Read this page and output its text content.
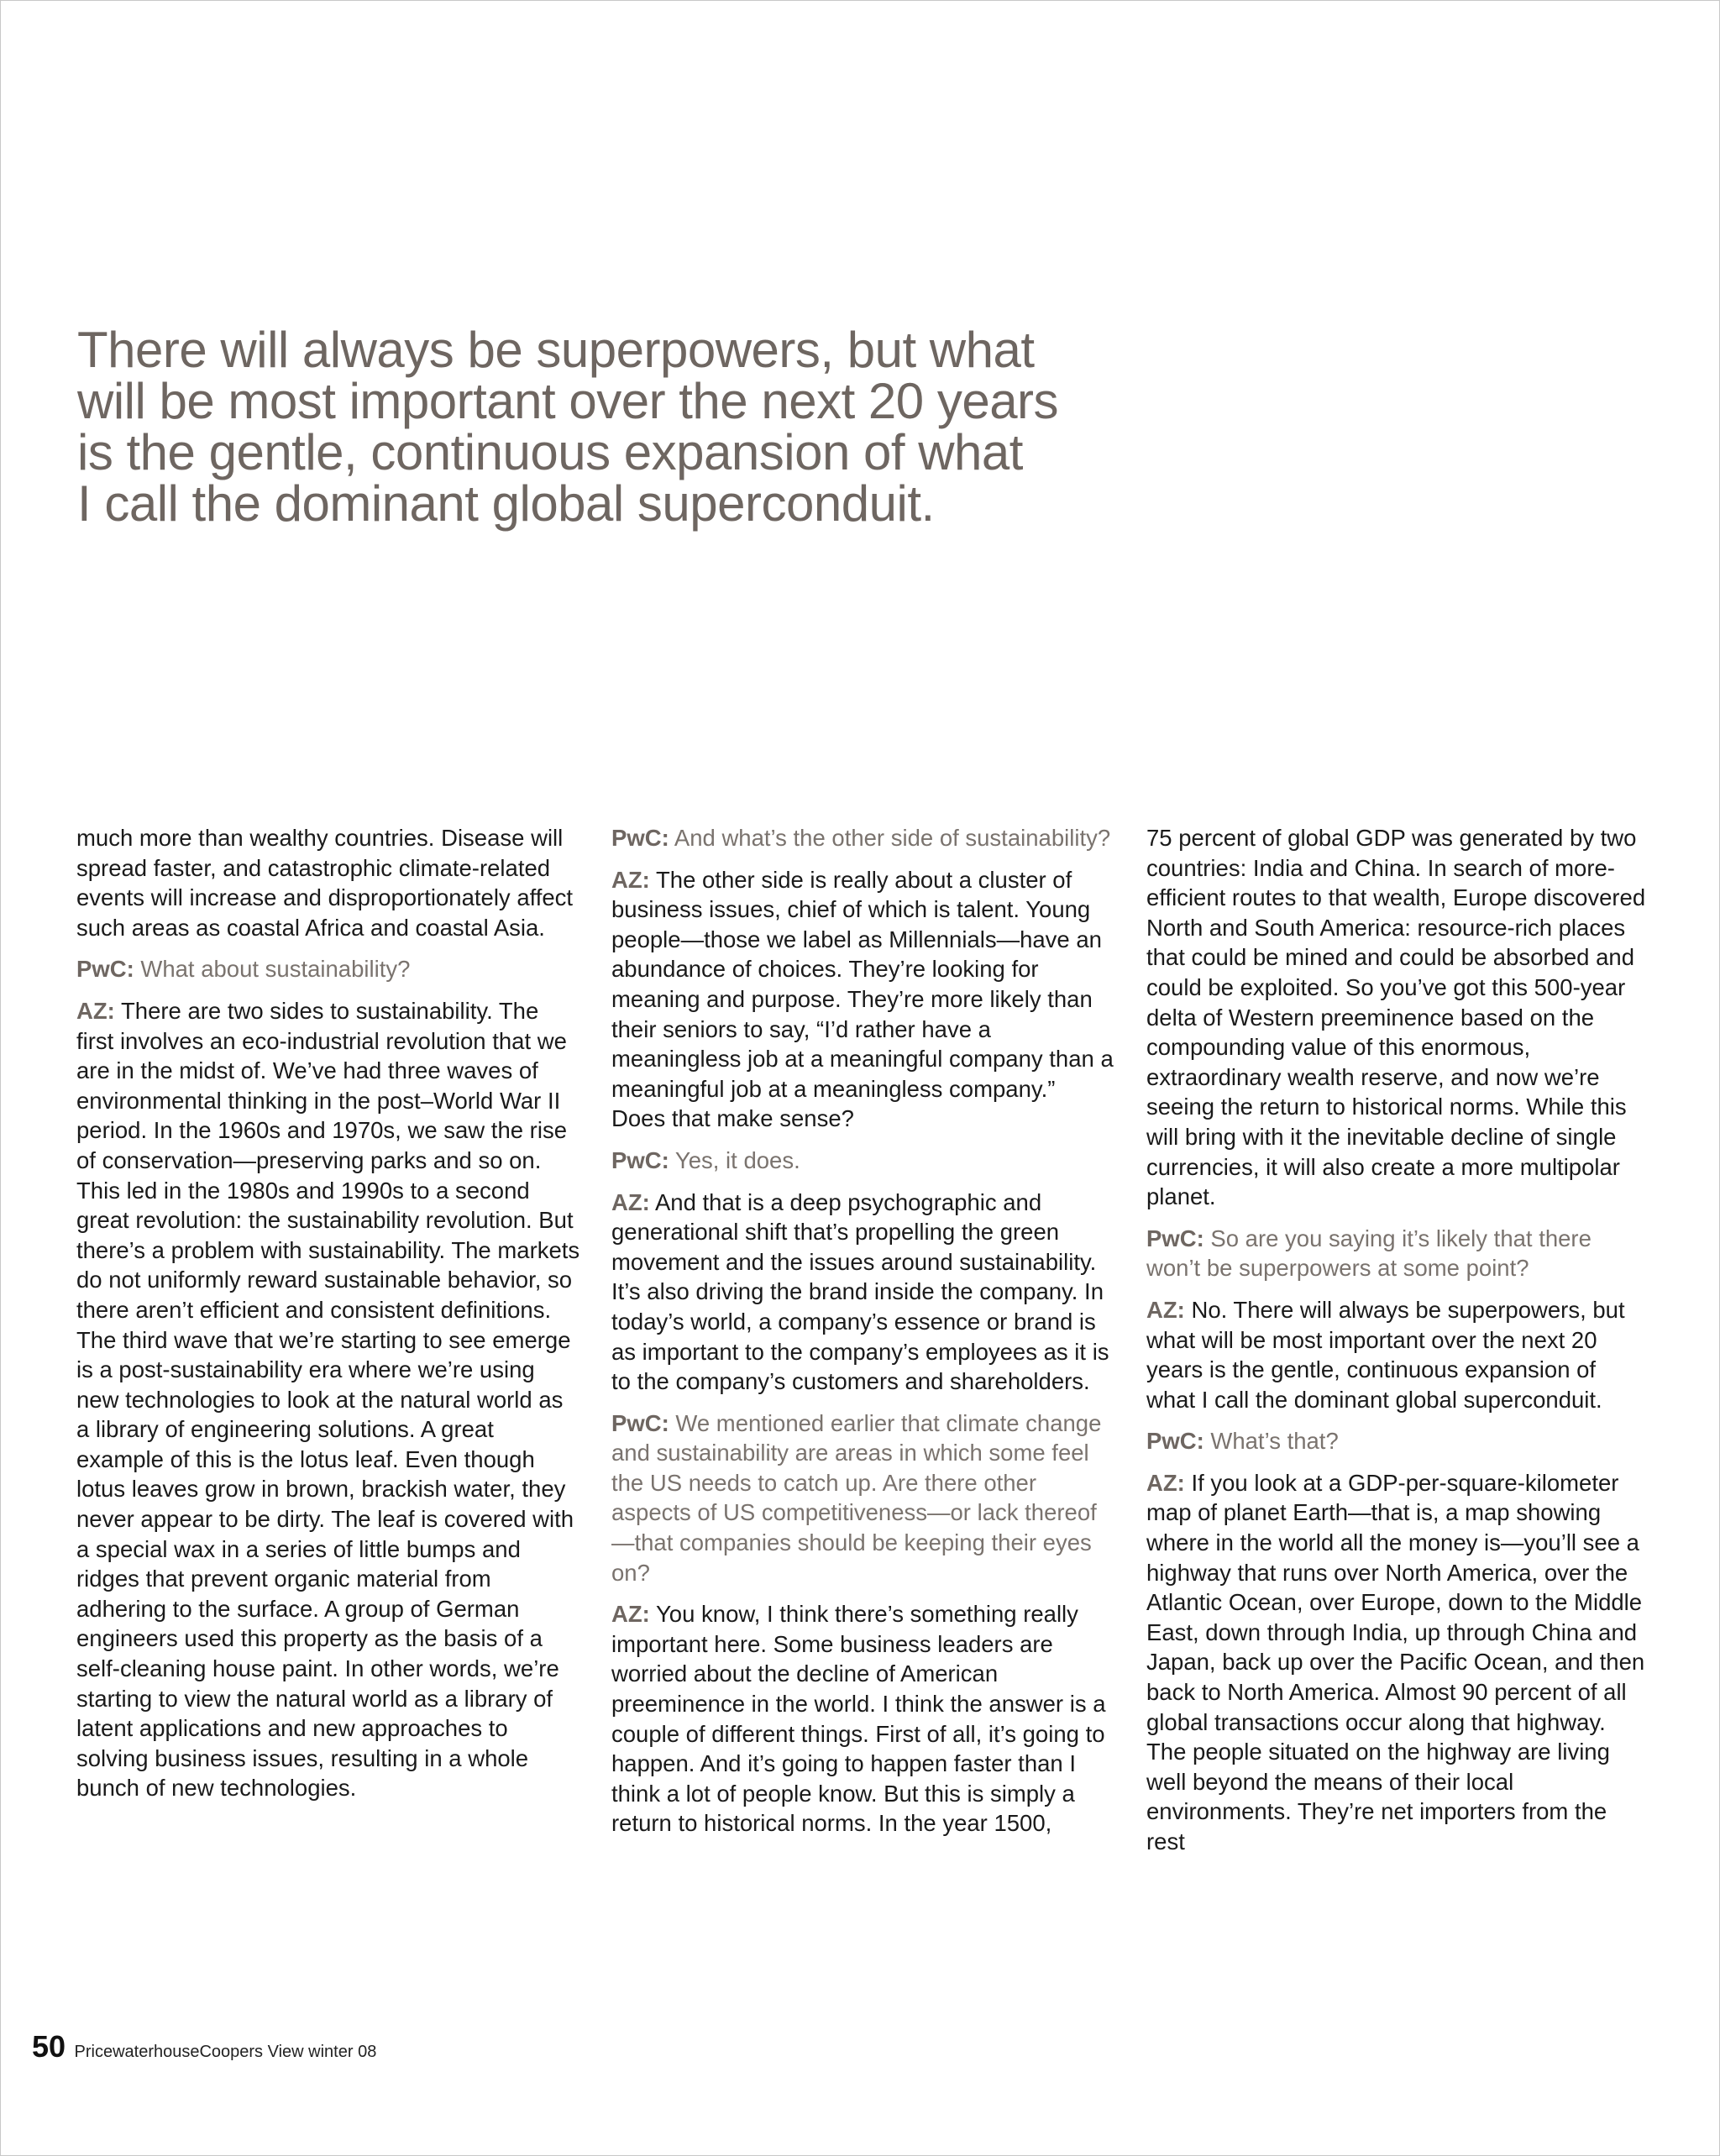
There will always be superpowers, but what
will be most important over the next 20 years
is the gentle, continuous expansion of what
I call the dominant global superconduit.

much more than wealthy countries. Disease will spread faster, and catastrophic climate-related events will increase and disproportionately affect such areas as coastal Africa and coastal Asia.

PwC: What about sustainability?

AZ: There are two sides to sustainability. The first involves an eco-industrial revolution that we are in the midst of. We’ve had three waves of environmental thinking in the post–World War II period. In the 1960s and 1970s, we saw the rise of conservation—preserving parks and so on. This led in the 1980s and 1990s to a second great revolution: the sustainability revolution. But there’s a problem with sustainability. The markets do not uniformly reward sustainable behavior, so there aren’t efficient and consistent definitions. The third wave that we’re starting to see emerge is a post-sustainability era where we’re using new technologies to look at the natural world as a library of engineering solutions. A great example of this is the lotus leaf. Even though lotus leaves grow in brown, brackish water, they never appear to be dirty. The leaf is covered with a special wax in a series of little bumps and ridges that prevent organic material from adhering to the surface. A group of German engineers used this property as the basis of a self-cleaning house paint. In other words, we’re starting to view the natural world as a library of latent applications and new approaches to solving business issues, resulting in a whole bunch of new technologies.

PwC: And what’s the other side of sustainability?

AZ: The other side is really about a cluster of business issues, chief of which is talent. Young people—those we label as Millennials—have an abundance of choices. They’re looking for meaning and purpose. They’re more likely than their seniors to say, “I’d rather have a meaningless job at a meaningful company than a meaningful job at a meaningless company.” Does that make sense?

PwC: Yes, it does.

AZ: And that is a deep psychographic and generational shift that’s propelling the green movement and the issues around sustainability. It’s also driving the brand inside the company. In today’s world, a company’s essence or brand is as important to the company’s employees as it is to the company’s customers and shareholders.

PwC: We mentioned earlier that climate change and sustainability are areas in which some feel the US needs to catch up. Are there other aspects of US competitiveness—or lack thereof—that companies should be keeping their eyes on?

AZ: You know, I think there’s something really important here. Some business leaders are worried about the decline of American preeminence in the world. I think the answer is a couple of different things. First of all, it’s going to happen. And it’s going to happen faster than I think a lot of people know. But this is simply a return to historical norms. In the year 1500,

75 percent of global GDP was generated by two countries: India and China. In search of more-efficient routes to that wealth, Europe discovered North and South America: resource-rich places that could be mined and could be absorbed and could be exploited. So you’ve got this 500-year delta of Western preeminence based on the compounding value of this enormous, extraordinary wealth reserve, and now we’re seeing the return to historical norms. While this will bring with it the inevitable decline of single currencies, it will also create a more multipolar planet.

PwC: So are you saying it’s likely that there won’t be superpowers at some point?

AZ: No. There will always be superpowers, but what will be most important over the next 20 years is the gentle, continuous expansion of what I call the dominant global superconduit.

PwC: What’s that?

AZ: If you look at a GDP-per-square-kilometer map of planet Earth—that is, a map showing where in the world all the money is—you’ll see a highway that runs over North America, over the Atlantic Ocean, over Europe, down to the Middle East, down through India, up through China and Japan, back up over the Pacific Ocean, and then back to North America. Almost 90 percent of all global transactions occur along that highway. The people situated on the highway are living well beyond the means of their local environments. They’re net importers from the rest

50 PricewaterhouseCoopers View winter 08
